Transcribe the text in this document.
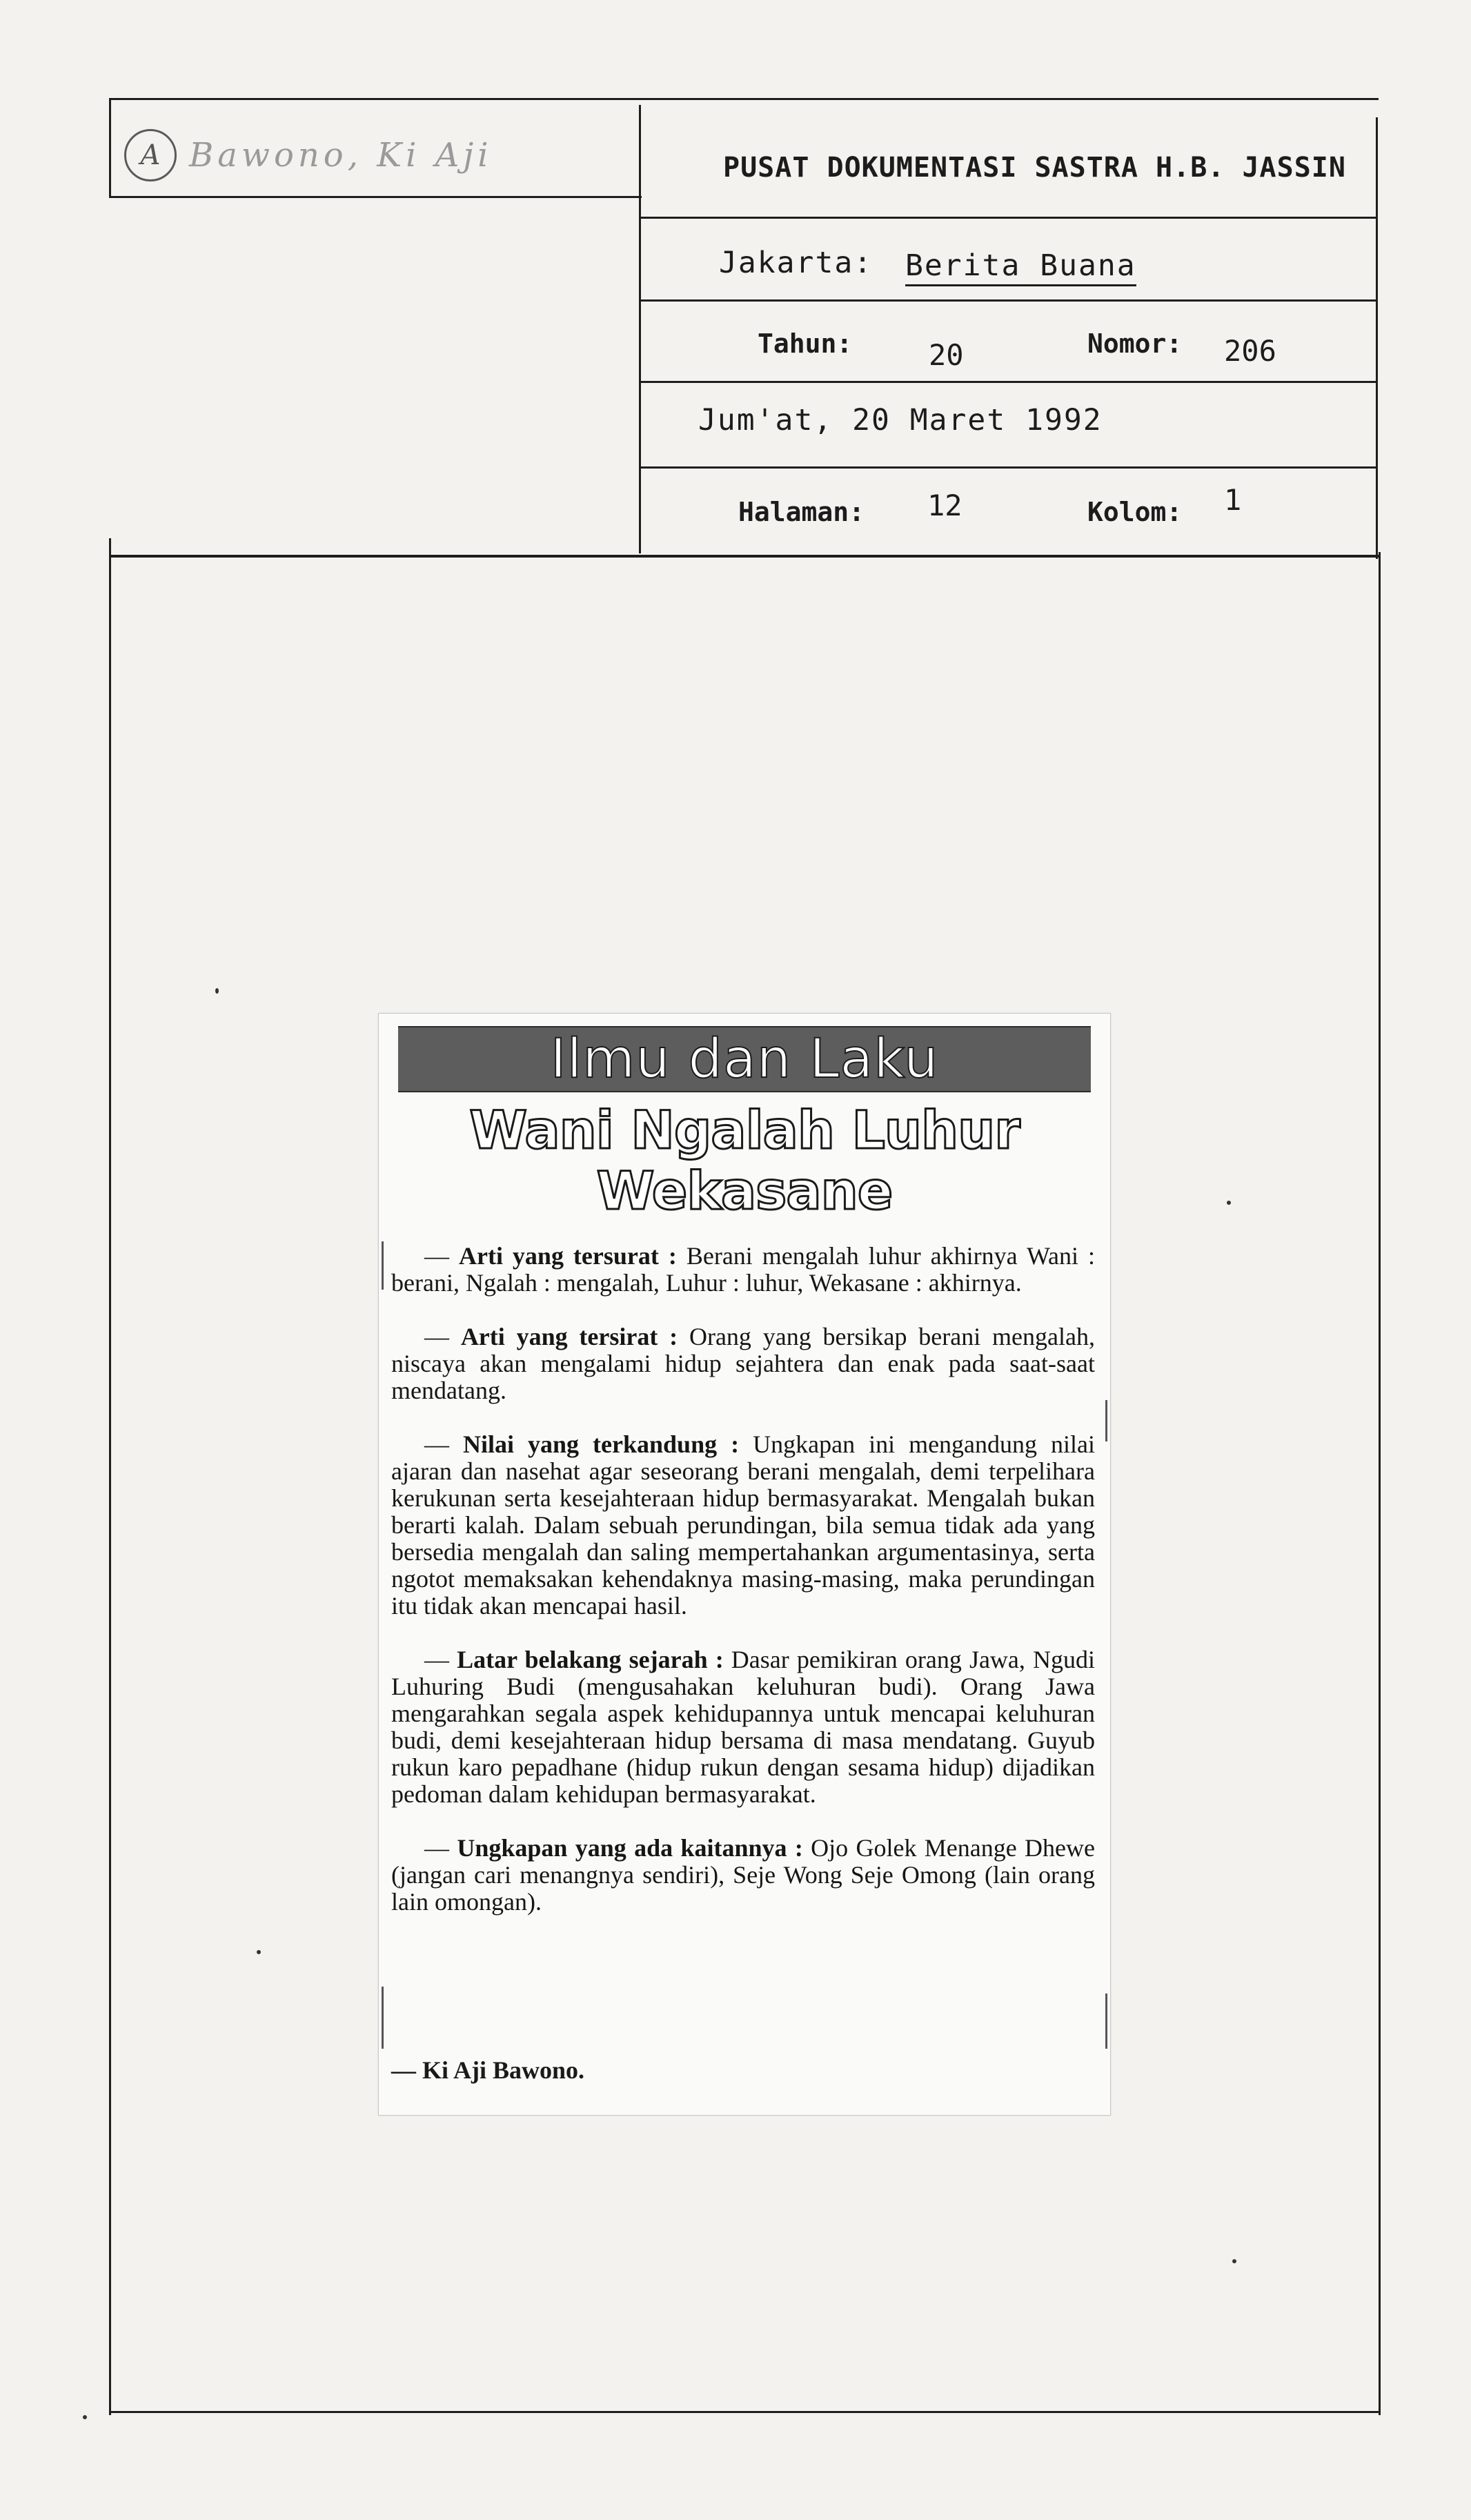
A Bawono, Ki Aji	PUSAT DOKUMENTASI SASTRA H.B. JASSIN
Jakarta: Berita Buana
Tahun:	20	Nomor: 206
Jum'at, 20 Maret 1992
Halaman: 12	Kolom: 1
Ilmu dan Laku
Wani Ngalah Luhur
Wekasane

— Arti yang tersurat : Berani mengalah luhur akhirnya Wani : berani, Ngalah : mengalah, Luhur : luhur, Wekasane : akhirnya.

— Arti yang tersirat : Orang yang bersikap berani mengalah, niscaya akan mengalami hidup sejahtera dan enak pada saat-saat mendatang.

— Nilai yang terkandung : Ungkapan ini mengandung nilai ajaran dan nasehat agar seseorang berani mengalah, demi terpelihara kerukunan serta kesejahteraan hidup bermasyarakat. Mengalah bukan berarti kalah. Dalam sebuah perundingan, bila semua tidak ada yang bersedia mengalah dan saling mempertahankan argumentasinya, serta ngotot memaksakan kehendaknya masing-masing, maka perundingan itu tidak akan mencapai hasil.

— Latar belakang sejarah : Dasar pemikiran orang Jawa, Ngudi Luhuring Budi (mengusahakan keluhuran budi). Orang Jawa mengarahkan segala aspek kehidupannya untuk mencapai keluhuran budi, demi kesejahteraan hidup bersama di masa mendatang. Guyub rukun karo pepadhane (hidup rukun dengan sesama hidup) dijadikan pedoman dalam kehidupan bermasyarakat.

— Ungkapan yang ada kaitannya : Ojo Golek Menange Dhewe (jangan cari menangnya sendiri), Seje Wong Seje Omong (lain orang lain omongan).

— Ki Aji Bawono.
